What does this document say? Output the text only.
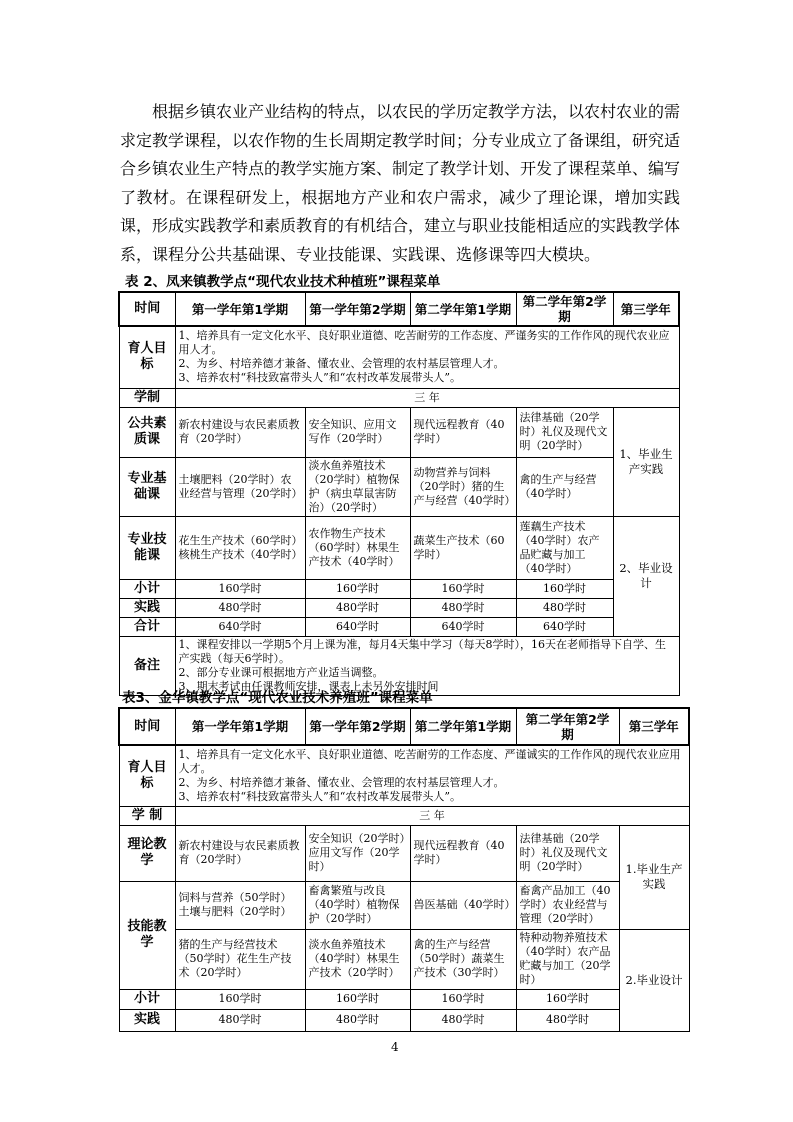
根据乡镇农业产业结构的特点，以农民的学历定教学方法，以农村农业的需求定教学课程，以农作物的生长周期定教学时间；分专业成立了备课组，研究适合乡镇农业生产特点的教学实施方案、制定了教学计划、开发了课程菜单、编写了教材。在课程研发上，根据地方产业和农户需求，减少了理论课，增加实践课，形成实践教学和素质教育的有机结合，建立与职业技能相适应的实践教学体系，课程分公共基础课、专业技能课、实践课、选修课等四大模块。

表 2、凤来镇教学点“现代农业技术种植班”课程菜单
时间	第一学年第1学期	第一学年第2学期	第二学年第1学期	第二学年第2学期	第三学年
育人目标	1、培养具有一定文化水平、良好职业道德、吃苦耐劳的工作态度、严谨务实的工作作风的现代农业应用人才。
2、为乡、村培养德才兼备、懂农业、会管理的农村基层管理人才。
3、培养农村“科技致富带头人”和“农村改革发展带头人”。				
学制	三 年				
公共素质课	新农村建设与农民素质教育（20学时）	安全知识、应用文写作（20学时）	现代远程教育（40学时）	法律基础（20学时）礼仪及现代文明（20学时）	1、毕业生产实践
专业基础课	土壤肥料（20学时）农业经营与管理（20学时）	淡水鱼养殖技术（20学时）植物保护（病虫草鼠害防治）（20学时）	动物营养与饲料（20学时）猪的生产与经营（40学时）	禽的生产与经营（40学时）	
专业技能课	花生生产技术（60学时）核桃生产技术（40学时）	农作物生产技术（60学时）林果生产技术（40学时）	蔬菜生产技术（60学时）	莲藕生产技术（40学时）农产品贮藏与加工（40学时）	2、毕业设计
小计	160学时	160学时	160学时	160学时	
实践	480学时	480学时	480学时	480学时	
合计	640学时	640学时	640学时	640学时	
备注	1、课程安排以一学期5个月上课为准，每月4天集中学习（每天8学时），16天在老师指导下自学、生产实践（每天6学时）。
2、部分专业课可根据地方产业适当调整。
3、期末考试由任课教师安排，课表上未另外安排时间				
表3、金华镇教学点“现代农业技术养殖班”课程菜单
时间	第一学年第1学期	第一学年第2学期	第二学年第1学期	第二学年第2学期	第三学年
育人目标	1、培养具有一定文化水平、良好职业道德、吃苦耐劳的工作态度、严谨诚实的工作作风的现代农业应用人才。
2、为乡、村培养德才兼备、懂农业、会管理的农村基层管理人才。
3、培养农村“科技致富带头人”和“农村改革发展带头人”。				
学 制	三 年				
理论教学	新农村建设与农民素质教育（20学时）	安全知识（20学时）应用文写作（20学时）	现代远程教育（40学时）	法律基础（20学时）礼仪及现代文明（20学时）	1.毕业生产实践
技能教学	饲料与营养（50学时）土壤与肥料（20学时）	畜禽繁殖与改良（40学时）植物保护（20学时）	兽医基础（40学时）	畜禽产品加工（40学时）农业经营与管理（20学时）	
	猪的生产与经营技术（50学时）花生生产技术（20学时）	淡水鱼养殖技术（40学时）林果生产技术（20学时）	禽的生产与经营（50学时）蔬菜生产技术（30学时）	特种动物养殖技术（40学时）农产品贮藏与加工（20学时）	2.毕业设计
小计	160学时	160学时	160学时	160学时	
实践	480学时	480学时	480学时	480学时	
4
